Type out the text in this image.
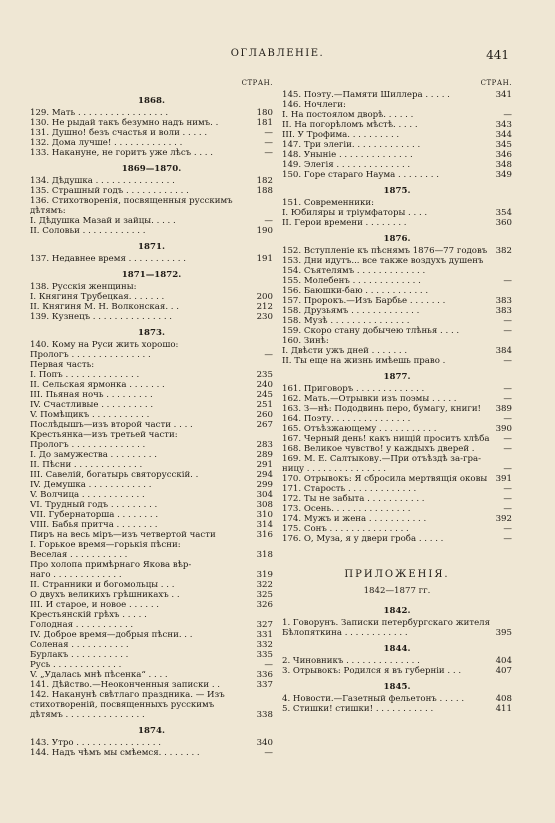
ОГЛАВЛЕНІЕ.	441
СТРАН.
1868.
129. Мать . . . . . . . . . . . . . . . . .	180
130. Не рыдай такъ безумно надъ нимъ. .	181
131. Душно! безъ счастья и воли . . . . .	—
132. Дома лучше! . . . . . . . . . . . . .	—
133. Накануне, не горитъ уже лѣсъ . . . .	—
1869—1870.
134. Дѣдушка . . . . . . . . . . . . . . .	182
135. Страшный годъ . . . . . . . . . . . .	188
136. Стихотворенія, посвященныя русскимъ
дѣтямъ:
I. Дѣдушка Мазай и зайцы. . . . .	—
II. Соловьи . . . . . . . . . . . .	190
1871.
137. Недавнее время . . . . . . . . . . .	191
1871—1872.
138. Русскія женщины:
I. Княгиня Трубецкая. . . . . . .	200
II. Княгиня М. Н. Волконская. . .	212
139. Кузнецъ . . . . . . . . . . . . . . .	230
1873.
140. Кому на Руси жить хорошо:
Прологъ . . . . . . . . . . . . . . .	—
Первая часть:
I. Попъ . . . . . . . . . . . . . .	235
II. Сельская ярмонка . . . . . . .	240
III. Пьяная ночь . . . . . . . . .	245
IV. Счастливые . . . . . . . . . .	251
V. Помѣщикъ . . . . . . . . . . .	260
Послѣдышъ—изъ второй части . . . .	267
Крестьянка—изъ третьей части:
Прологъ . . . . . . . . . . . . . .	283
I. До замужества . . . . . . . . .	289
II. Пѣсни . . . . . . . . . . . . .	291
III. Савелій, богатырь святорусскій. .	294
IV. Демушка . . . . . . . . . . . .	299
V. Волчица . . . . . . . . . . . .	304
VI. Трудный годъ . . . . . . . . .	308
VII. Губернаторша . . . . . . . .	310
VIII. Бабья притча . . . . . . . .	314
Пиръ на весь міръ—изъ четвертой части	316
I. Горькое время—горькія пѣсни:
Веселая . . . . . . . . . . .	318
Про холопа примѣрнаго Якова вѣр-
наго . . . . . . . . . . . . .	319
II. Странники и богомольцы . . .	322
О двухъ великихъ грѣшникахъ . .	325
III. И старое, и новое . . . . . .	326
Крестьянскій грѣхъ . . . . .
Голодная . . . . . . . . . . .	327
IV. Доброе время—добрыя пѣсни. . .	331
Соленая . . . . . . . . . . .	332
Бурлакъ . . . . . . . . . . .	335
Русь . . . . . . . . . . . . .	—
V. „Удалась мнѣ пѣсенка“ . . . .	336
141. Дѣйство.—Неоконченныя записки . .	337
142. Наканунѣ свѣтлаго праздника. — Изъ
стихотвореній, посвященныхъ русскимъ
дѣтямъ . . . . . . . . . . . . . . .	338
1874.
143. Утро . . . . . . . . . . . . . . . .	340
144. Надъ чѣмъ мы смѣемся. . . . . . . .	—
СТРАН.
145. Поэту.—Памяти Шиллера . . . . .	341
146. Ночлеги:
I. На постоялом дворѣ. . . . . .	—
II. На погорѣломъ мѣстѣ. . . . .	343
III. У Трофима. . . . . . . . . .	344
147. Три элегіи. . . . . . . . . . . . .	345
148. Уныніе . . . . . . . . . . . . . .	346
149. Элегія . . . . . . . . . . . . . .	348
150. Горе стараго Наума . . . . . . . .	349
1875.
151. Современники:
I. Юбиляры и тріумфаторы . . . .	354
II. Герои времени . . . . . . . .	360
1876.
152. Вступленіе къ пѣснямъ 1876—77 годовъ 382
153. Дни идутъ... все также воздухъ душенъ
154. Съятелямъ . . . . . . . . . . . . .
155. Молебенъ . . . . . . . . . . . . .	—
156. Баюшки-баю . . . . . . . . . . . .
157. Пророкъ.—Изъ Барбье . . . . . . .	383
158. Друзьямъ . . . . . . . . . . . . .	383
158. Музѣ . . . . . . . . . . . . . . .	—
159. Скоро стану добычею тлѣнья . . . .	—
160. Зинѣ:
I. Двѣсти ужъ дней . . . . . . .	384
II. Ты еще на жизнь имѣешь право .	—
1877.
161. Приговоръ . . . . . . . . . . . . .	—
162. Мать.—Отрывки изъ поэмы . . . . .	—
163. З—нѣ: Пододвинь перо, бумагу, книги!	389
164. Поэту. . . . . . . . . . . . . . .	—
165. Отъѣзжающему . . . . . . . . . . .	390
167. Черный день! какъ нищій проситъ хлѣба	—
168. Великое чувство! у каждыхъ дверей .	—
169. М. Е. Салтыкову.—При отъѣздѣ за-гра-
ницу . . . . . . . . . . . . . . .	—
170. Отрывокъ: Я сбросила мертвящія оковы 391
171. Старость . . . . . . . . . . . . .	—
172. Ты не забыта . . . . . . . . . . .	—
173. Осень. . . . . . . . . . . . . . .	—
174. Мужъ и жена . . . . . . . . . . .	392
175. Сонъ . . . . . . . . . . . . . . .	—
176. О, Муза, я у двери гроба . . . . .	—
ПРИЛОЖЕНІЯ.
1842—1877 гг.
1842.
1. Говорунъ. Записки петербургскаго жителя
Бѣлопяткина . . . . . . . . . . . .	395
1844.
2. Чиновникъ . . . . . . . . . . . . . .	404
3. Отрывокъ: Родился я въ губерніи . . .	407
1845.
4. Новости.—Газетный фельетонъ . . . . .	408
5. Стишки! стишки! . . . . . . . . . . .	411
